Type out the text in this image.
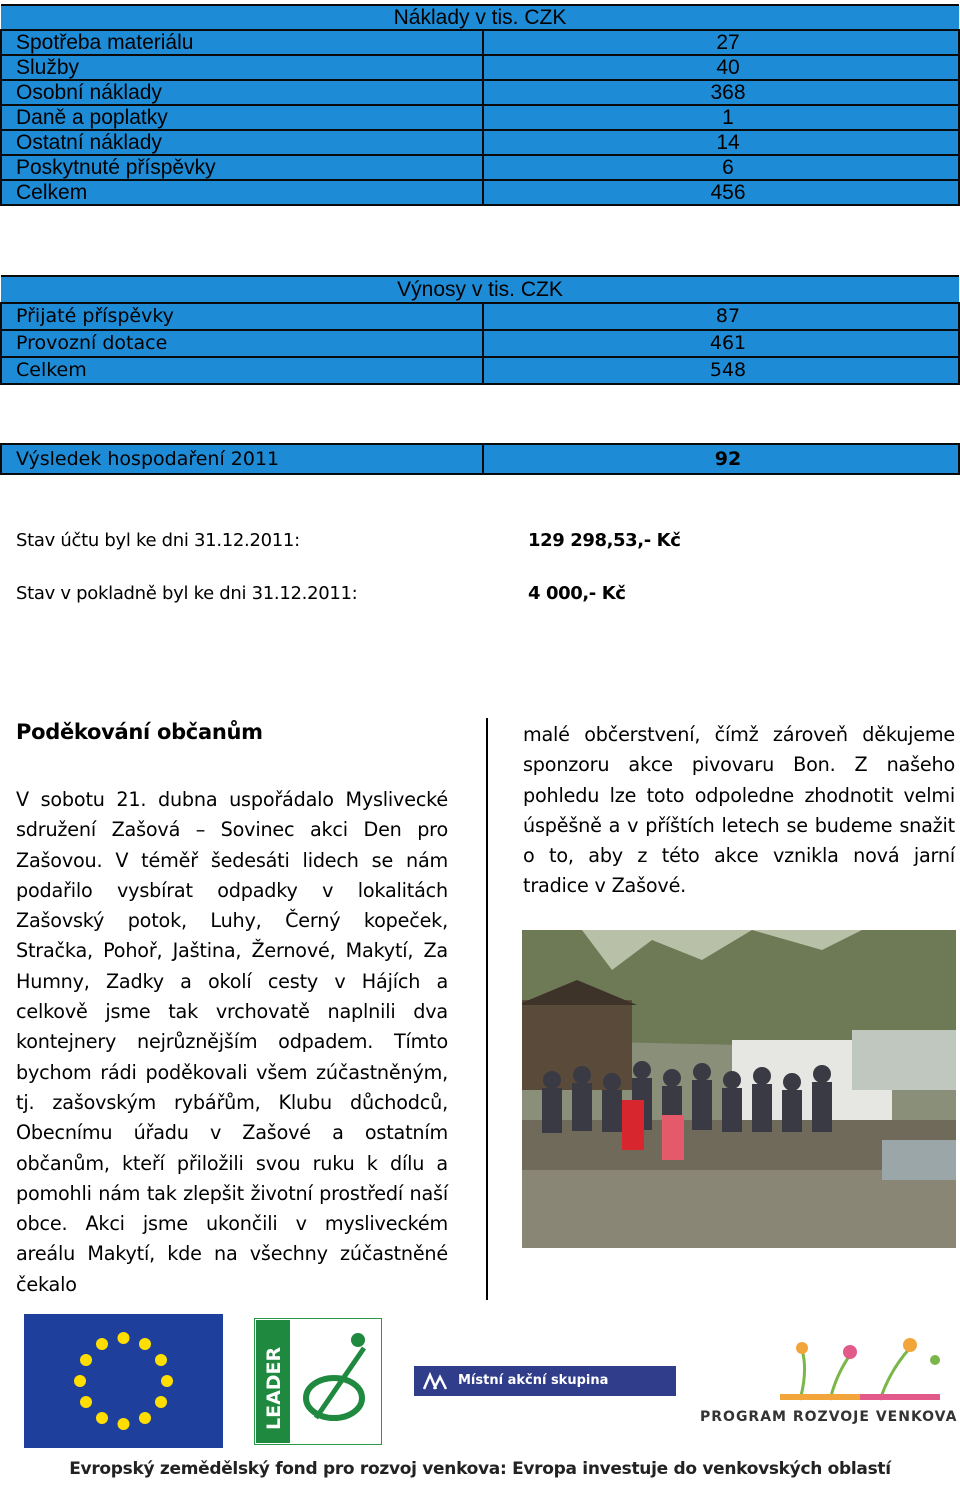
Náklady v tis. CZK	
Spotřeba materiálu	27
Služby	40
Osobní náklady	368
Daně a poplatky	1
Ostatní náklady	14
Poskytnuté příspěvky	6
Celkem	456
Výnosy v tis. CZK	
Přijaté příspěvky	87
Provozní dotace	461
Celkem	548
Výsledek hospodaření 2011	92
Stav účtu byl ke dni 31.12.2011:	129 298,53,- Kč
Stav v pokladně byl ke dni 31.12.2011:	4 000,- Kč
Poděkování občanům
V sobotu 21. dubna uspořádalo Myslivecké sdružení Zašová – Sovinec akci Den pro Zašovou. V téměř šedesáti lidech se nám podařilo vysbírat odpadky v lokalitách Zašovský potok, Luhy, Černý kopeček, Stračka, Pohoř, Jaština, Žernové, Makytí, Za Humny, Zadky a okolí cesty v Hájích a celkově jsme tak vrchovatě naplnili dva kontejnery nejrůznějším odpadem. Tímto bychom rádi poděkovali všem zúčastněným, tj. zašovským rybářům, Klubu důchodců, Obecnímu úřadu v Zašové a ostatním občanům, kteří přiložili svou ruku k dílu a pomohli nám tak zlepšit životní prostředí naší obce. Akci jsme ukončili v mysliveckém areálu Makytí, kde na všechny zúčastněné čekalo
malé občerstvení, čímž zároveň děkujeme sponzoru akce pivovaru Bon. Z našeho pohledu lze toto odpoledne zhodnotit velmi úspěšně a v příštích letech se budeme snažit o to, aby z této akce vznikla nová jarní tradice v Zašové.
LEADER	Místní akční skupina Rožnovsko	PROGRAM ROZVOJE VENKOVA
Evropský zemědělský fond pro rozvoj venkova: Evropa investuje do venkovských oblastí
